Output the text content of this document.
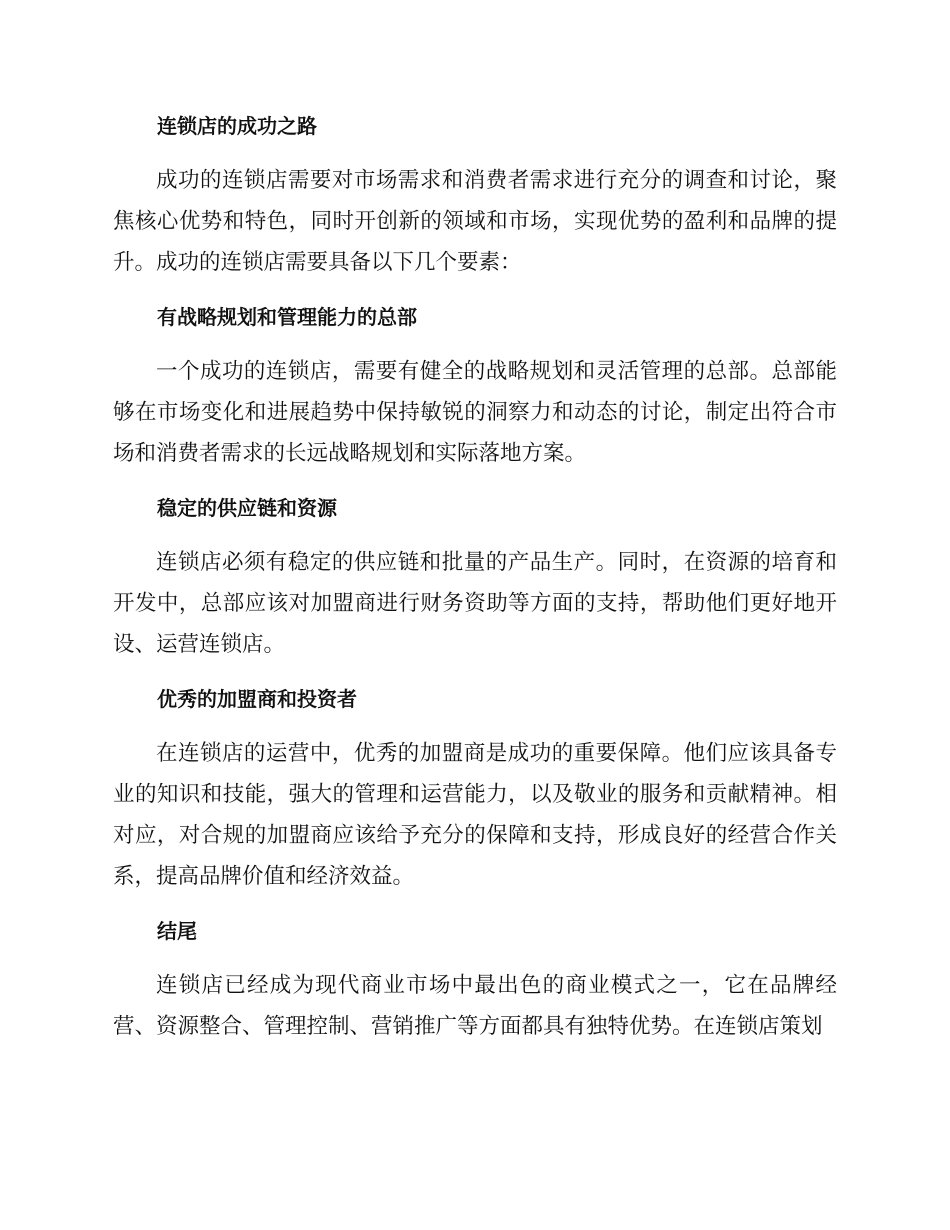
连锁店的成功之路

成功的连锁店需要对市场需求和消费者需求进行充分的调查和讨论，聚焦核心优势和特色，同时开创新的领域和市场，实现优势的盈利和品牌的提升。成功的连锁店需要具备以下几个要素：

有战略规划和管理能力的总部

一个成功的连锁店，需要有健全的战略规划和灵活管理的总部。总部能够在市场变化和进展趋势中保持敏锐的洞察力和动态的讨论，制定出符合市场和消费者需求的长远战略规划和实际落地方案。

稳定的供应链和资源

连锁店必须有稳定的供应链和批量的产品生产。同时，在资源的培育和开发中，总部应该对加盟商进行财务资助等方面的支持，帮助他们更好地开设、运营连锁店。

优秀的加盟商和投资者

在连锁店的运营中，优秀的加盟商是成功的重要保障。他们应该具备专业的知识和技能，强大的管理和运营能力，以及敬业的服务和贡献精神。相对应，对合规的加盟商应该给予充分的保障和支持，形成良好的经营合作关系，提高品牌价值和经济效益。

结尾

连锁店已经成为现代商业市场中最出色的商业模式之一，它在品牌经营、资源整合、管理控制、营销推广等方面都具有独特优势。在连锁店策划
